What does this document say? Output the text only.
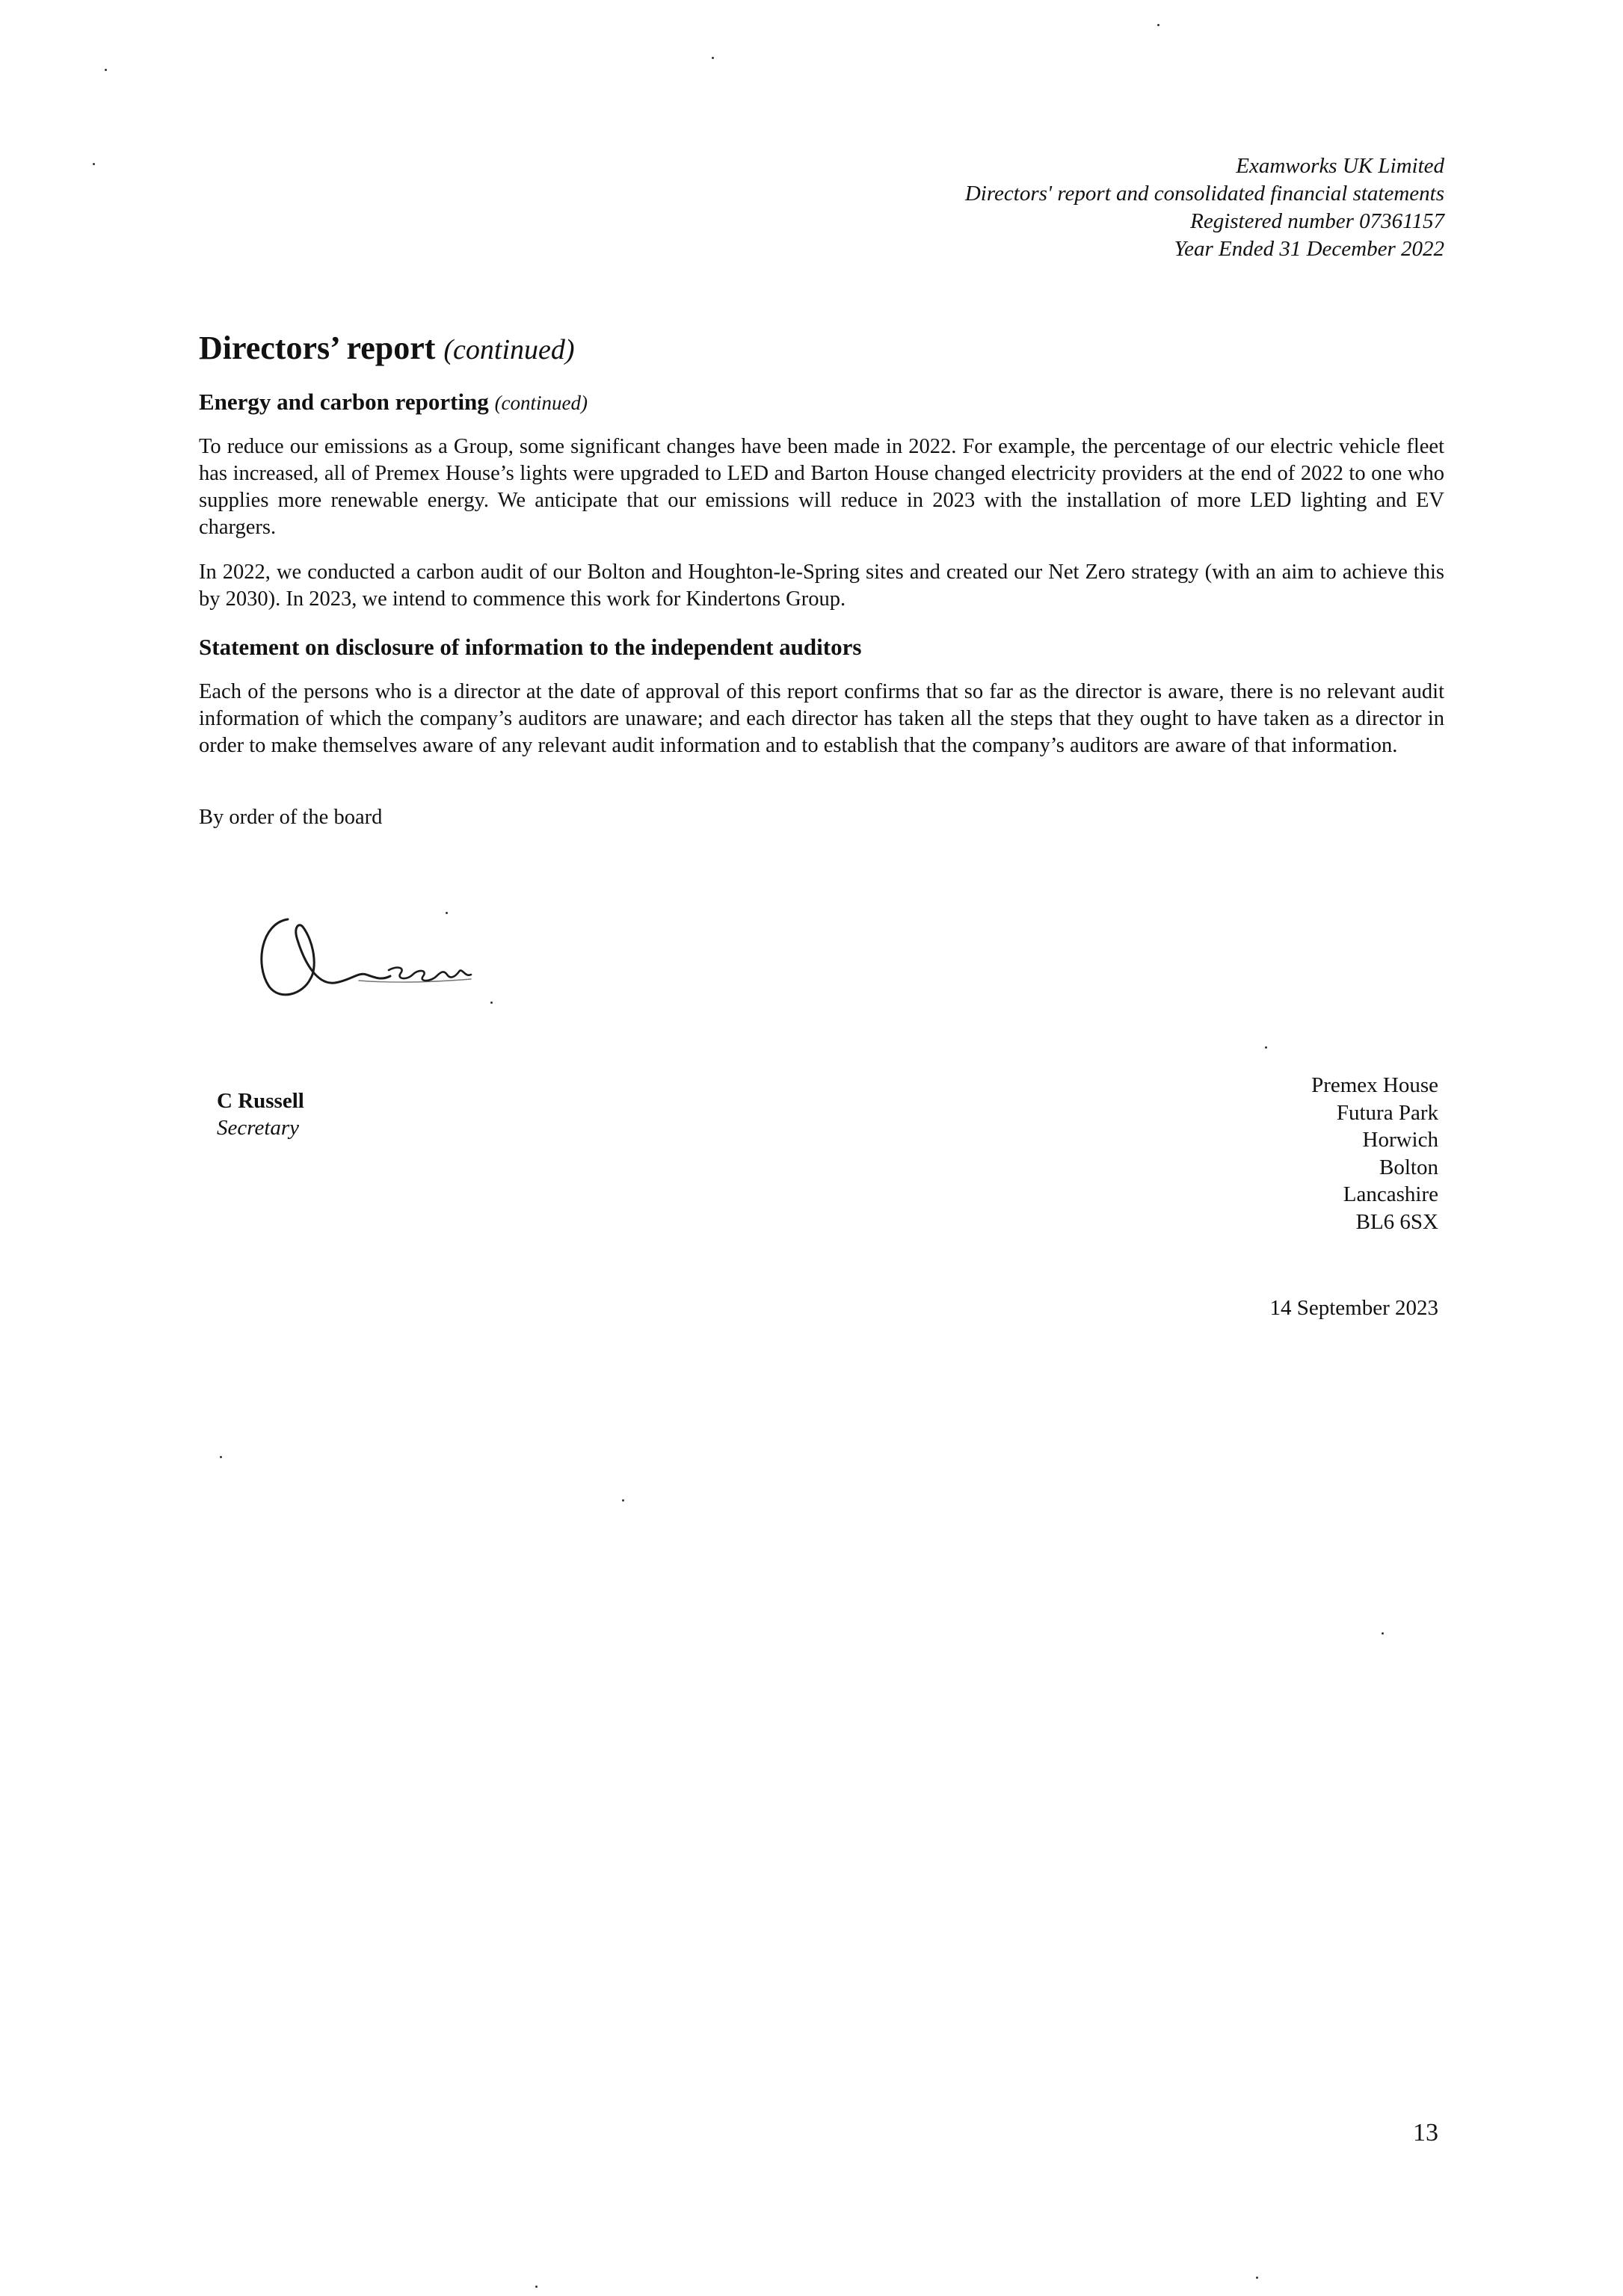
Examworks UK Limited
Directors' report and consolidated financial statements
Registered number 07361157
Year Ended 31 December 2022
Directors’ report (continued)
Energy and carbon reporting (continued)

To reduce our emissions as a Group, some significant changes have been made in 2022. For example, the percentage of our electric vehicle fleet has increased, all of Premex House’s lights were upgraded to LED and Barton House changed electricity providers at the end of 2022 to one who supplies more renewable energy. We anticipate that our emissions will reduce in 2023 with the installation of more LED lighting and EV chargers.

In 2022, we conducted a carbon audit of our Bolton and Houghton-le-Spring sites and created our Net Zero strategy (with an aim to achieve this by 2030). In 2023, we intend to commence this work for Kindertons Group.

Statement on disclosure of information to the independent auditors

Each of the persons who is a director at the date of approval of this report confirms that so far as the director is aware, there is no relevant audit information of which the company’s auditors are unaware; and each director has taken all the steps that they ought to have taken as a director in order to make themselves aware of any relevant audit information and to establish that the company’s auditors are aware of that information.

By order of the board

C Russell
Secretary
Premex House
Futura Park
Horwich
Bolton
Lancashire
BL6 6SX
14 September 2023
13
